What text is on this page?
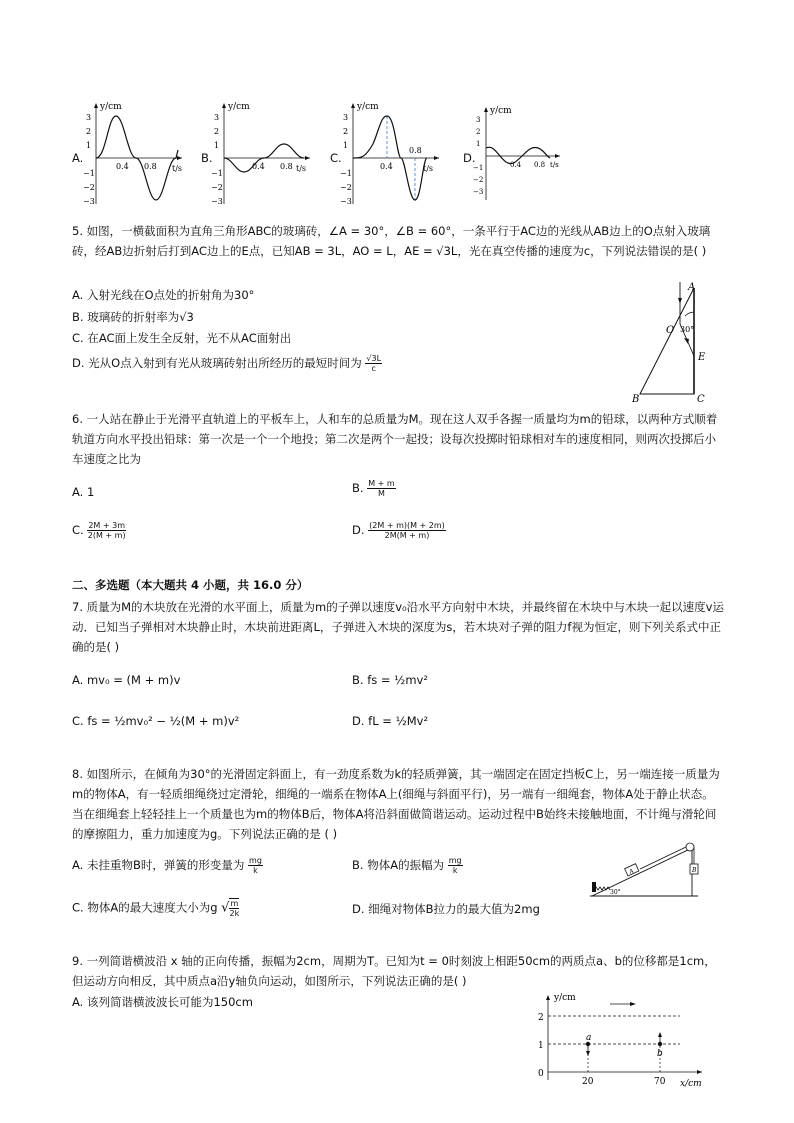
A.
y/cm
3
2
1
−1
−2
−3
0.4 0.8 t/s
B.
y/cm
3
2
1
−1
−2
−3
0.4 0.8 t/s
C.
y/cm
3
2
1
−1
−2
−3
0.4
0.8
t/s
D.
y/cm
3
2
1
−1
−2
−3
0.4 0.8 t/s
5. 如图，一横截面积为直角三角形ABC的玻璃砖，∠A = 30°，∠B = 60°，一条平行于AC边的光线从AB边上的O点射入玻璃砖，经AB边折射后打到AC边上的E点，已知AB = 3L，AO = L，AE = √3L，光在真空传播的速度为c，下列说法错误的是( )
A. 入射光线在O点处的折射角为30°
B. 玻璃砖的折射率为√3
C. 在AC面上发生全反射，光不从AC面射出
D. 光从O点入射到有光从玻璃砖射出所经历的最短时间为 $\frac{√3L}{c}$
A
B	C
O
E
30°
6. 一人站在静止于光滑平直轨道上的平板车上，人和车的总质量为M。现在这人双手各握一质量均为m的铅球，以两种方式顺着轨道方向水平投出铅球：第一次是一个一个地投；第二次是两个一起投；设每次投掷时铅球相对车的速度相同，则两次投掷后小车速度之比为
A. 1	B. $\frac{M + m}{M}$
C. $\frac{2M + 3m}{2(M + m)}$	D. $\frac{(2M + m)(M + 2m)}{2M(M + m)}$
二、多选题（本大题共 4 小题，共 16.0 分）
7. 质量为M的木块放在光滑的水平面上，质量为m的子弹以速度v₀沿水平方向射中木块，并最终留在木块中与木块一起以速度v运动．已知当子弹相对木块静止时，木块前进距离L，子弹进入木块的深度为s，若木块对子弹的阻力f视为恒定，则下列关系式中正确的是( )
A. mv₀ = (M + m)v	B. fs = ½mv²
C. fs = ½mv₀² − ½(M + m)v²	D. fL = ½Mv²
8. 如图所示，在倾角为30°的光滑固定斜面上，有一劲度系数为k的轻质弹簧，其一端固定在固定挡板C上，另一端连接一质量为m的物体A，有一轻质细绳绕过定滑轮，细绳的一端系在物体A上(细绳与斜面平行)，另一端有一细绳套，物体A处于静止状态。当在细绳套上轻轻挂上一个质量也为m的物体B后，物体A将沿斜面做简谐运动。运动过程中B始终未接触地面，不计绳与滑轮间的摩擦阻力，重力加速度为g。下列说法正确的是 ( )
A. 未挂重物B时，弹簧的形变量为 $\frac{mg}{k}$	B. 物体A的振幅为 $\frac{mg}{k}$
C. 物体A的最大速度大小为g √ $\frac{m}{2k}$	D. 细绳对物体B拉力的最大值为2mg
A	B
30°
9. 一列简谐横波沿 x 轴的正向传播，振幅为2cm，周期为T。已知为t = 0时刻波上相距50cm的两质点a、b的位移都是1cm，但运动方向相反，其中质点a沿y轴负向运动，如图所示，下列说法正确的是( )
A. 该列简谐横波波长可能为150cm	y/cm
2
1
0
20	70 x/cm
a
b
